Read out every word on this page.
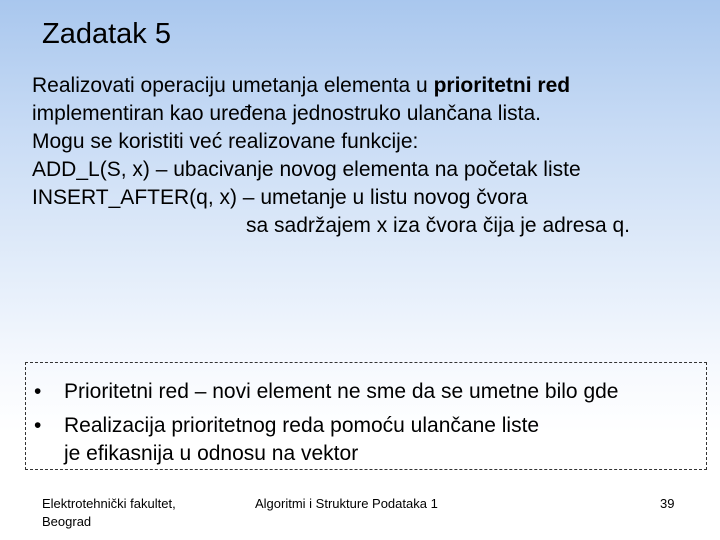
Zadatak 5
Realizovati operaciju umetanja elementa u prioritetni red
implementiran kao uređena jednostruko ulančana lista.
Mogu se koristiti već realizovane funkcije:
ADD_L(S, x) – ubacivanje novog elementa na početak liste
INSERT_AFTER(q, x) – umetanje u listu novog čvora
sa sadržajem x iza čvora čija je adresa q.
• Prioritetni red – novi element ne sme da se umetne bilo gde
• Realizacija prioritetnog reda pomoću ulančane liste
je efikasnija u odnosu na vektor
Elektrotehnički fakultet,
Beograd
Algoritmi i Strukture Podataka 1	39
